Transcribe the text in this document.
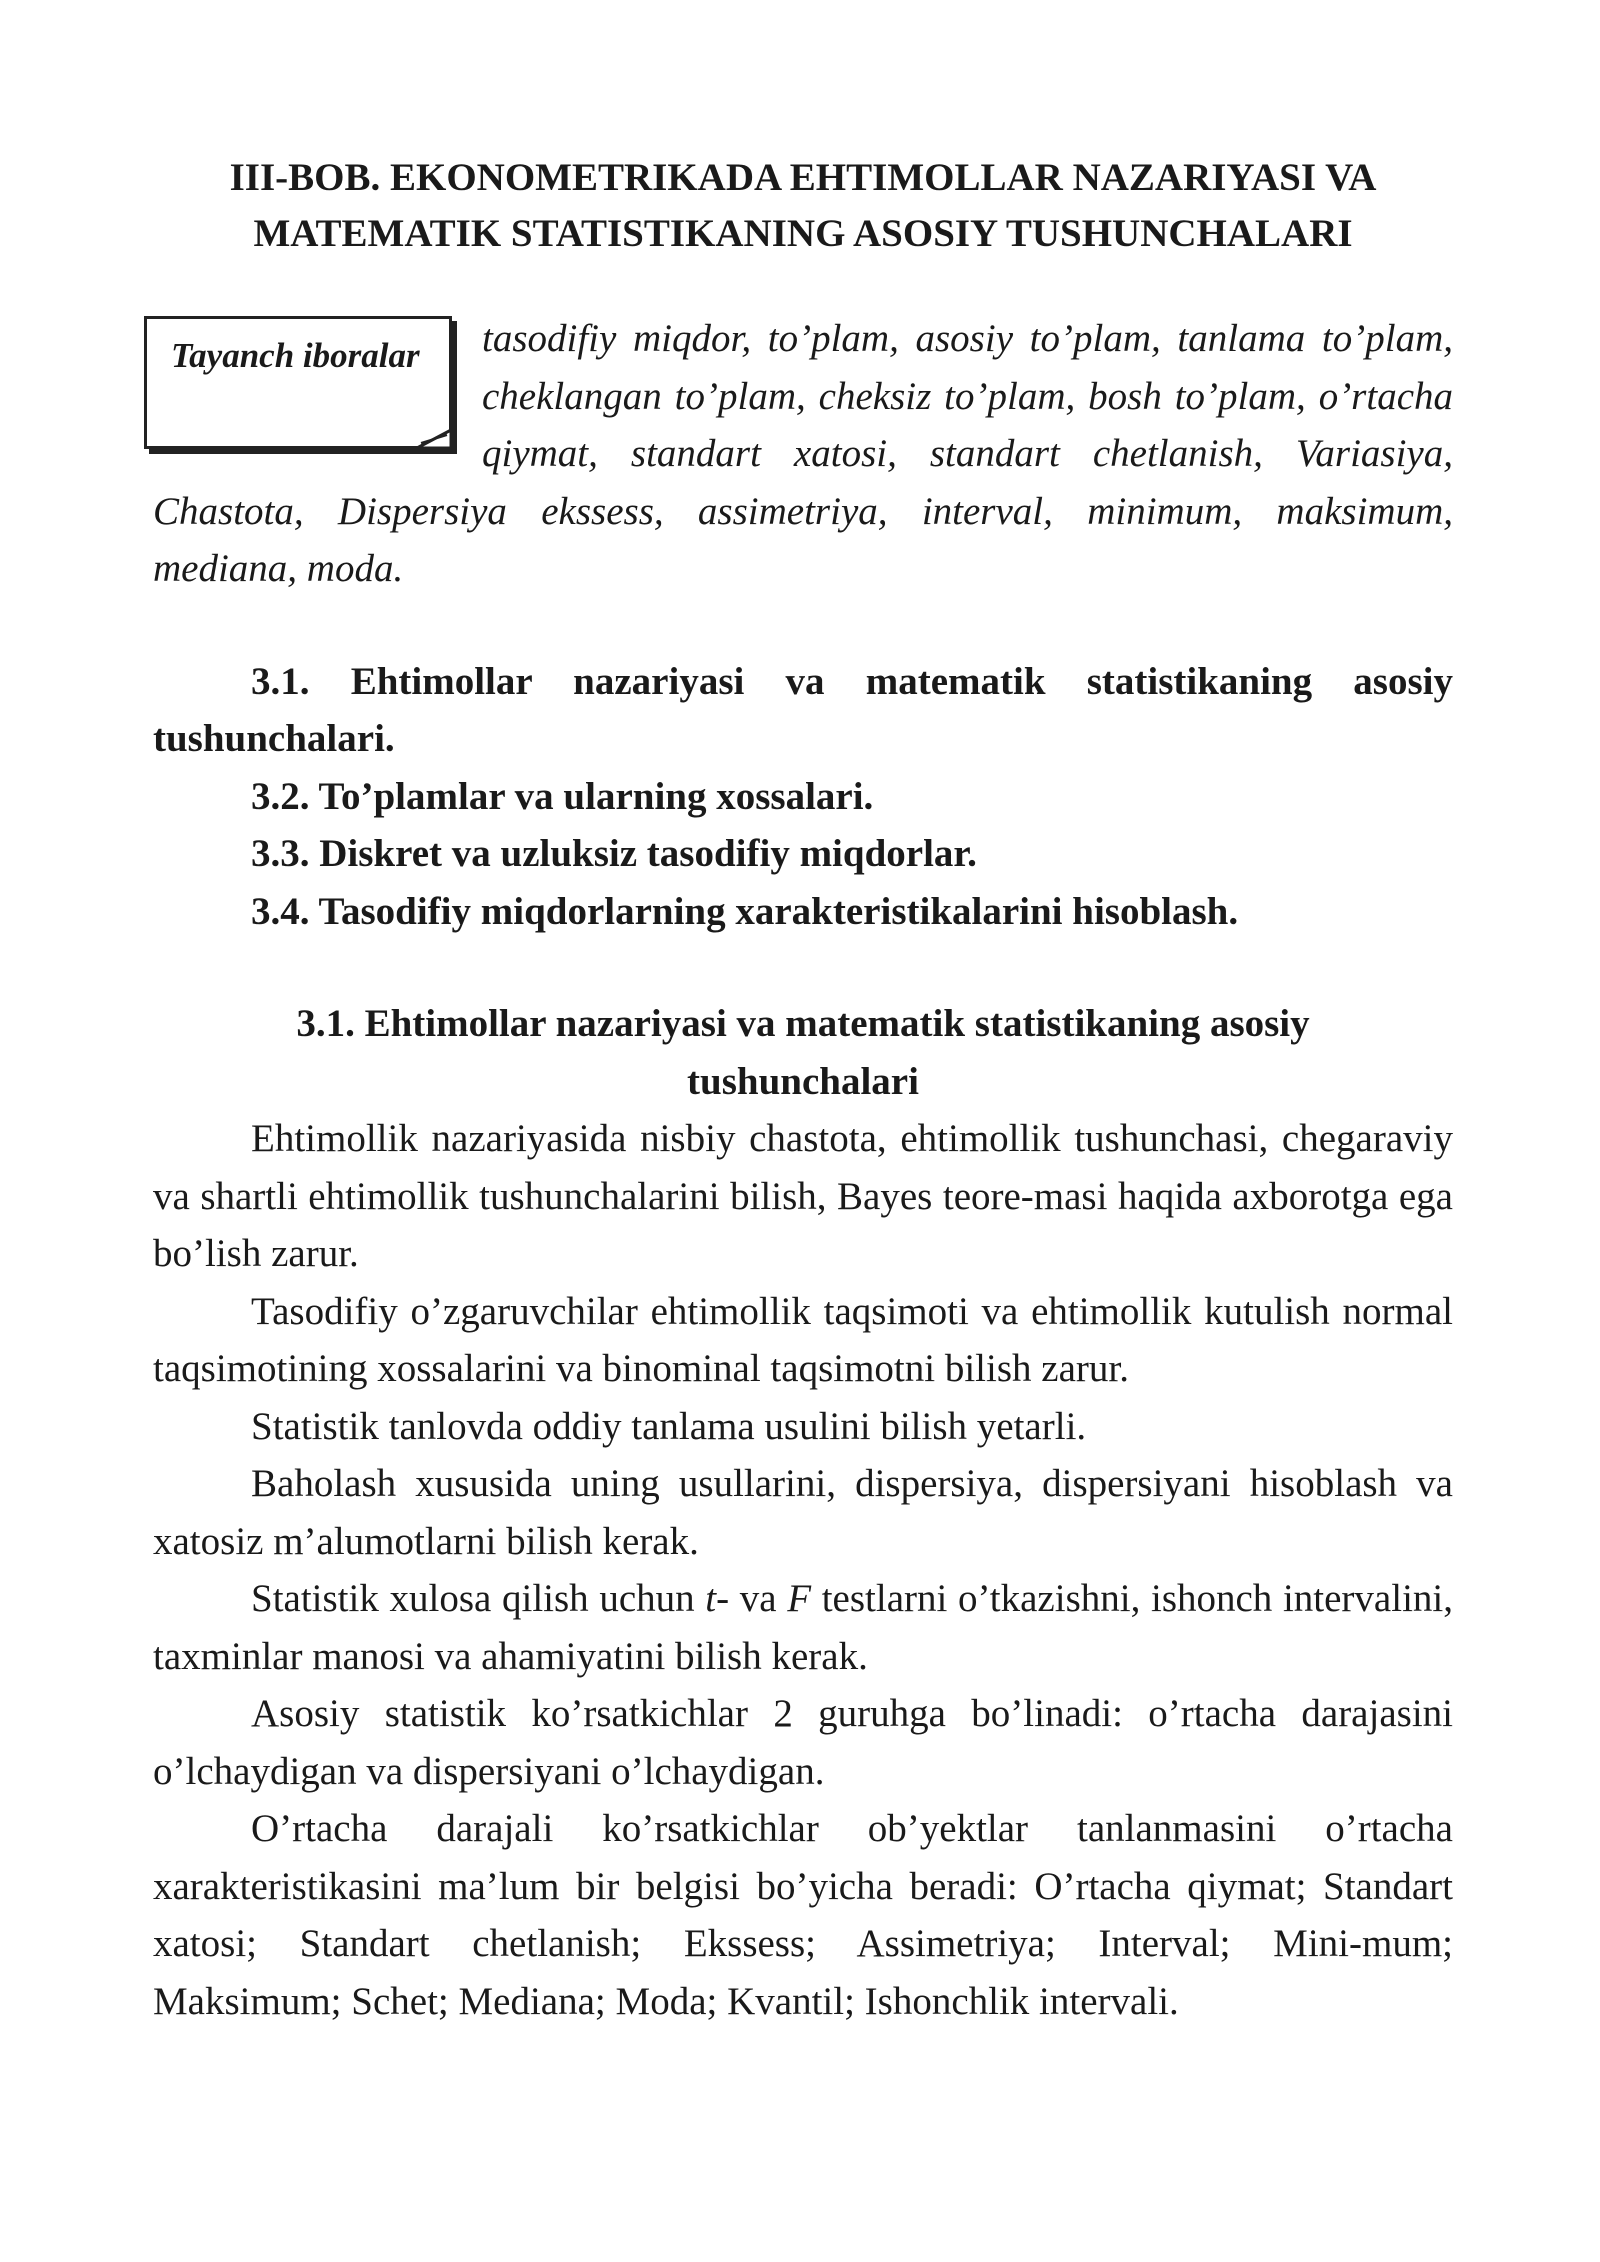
III-BOB. EKONOMETRIKADA EHTIMOLLAR NAZARIYASI VA
MATEMATIK STATISTIKANING ASOSIY TUSHUNCHALARI
Tayanch iboralar tasodifiy miqdor, to’plam, asosiy to’plam, tanlama to’plam, cheklangan to’plam, cheksiz to’plam, bosh to’plam, o’rtacha qiymat, standart xatosi, standart chetlanish, Variasiya, Chastota, Dispersiya ekssess, assimetriya, interval, minimum, maksimum, mediana, moda.

3.1. Ehtimollar nazariyasi va matematik statistikaning asosiy tushunchalari.

3.2. To’plamlar va ularning xossalari.

3.3. Diskret va uzluksiz tasodifiy miqdorlar.

3.4. Tasodifiy miqdorlarning xarakteristikalarini hisoblash.

3.1. Ehtimollar nazariyasi va matematik statistikaning asosiy
tushunchalari

Ehtimollik nazariyasida nisbiy chastota, ehtimollik tushunchasi, chegaraviy va shartli ehtimollik tushunchalarini bilish, Bayes teore-masi haqida axborotga ega bo’lish zarur.

Tasodifiy o’zgaruvchilar ehtimollik taqsimoti va ehtimollik kutulish normal taqsimotining xossalarini va binominal taqsimotni bilish zarur.

Statistik tanlovda oddiy tanlama usulini bilish yetarli.

Baholash xususida uning usullarini, dispersiya, dispersiyani hisoblash va xatosiz m’alumotlarni bilish kerak.

Statistik xulosa qilish uchun t- va F testlarni o’tkazishni, ishonch intervalini, taxminlar manosi va ahamiyatini bilish kerak.

Asosiy statistik ko’rsatkichlar 2 guruhga bo’linadi: o’rtacha darajasini o’lchaydigan va dispersiyani o’lchaydigan.

O’rtacha darajali ko’rsatkichlar ob’yektlar tanlanmasini o’rtacha xarakteristikasini ma’lum bir belgisi bo’yicha beradi: O’rtacha qiymat; Standart xatosi; Standart chetlanish; Ekssess; Assimetriya; Interval; Mini-mum; Maksimum; Schet; Mediana; Moda; Kvantil; Ishonchlik intervali.
